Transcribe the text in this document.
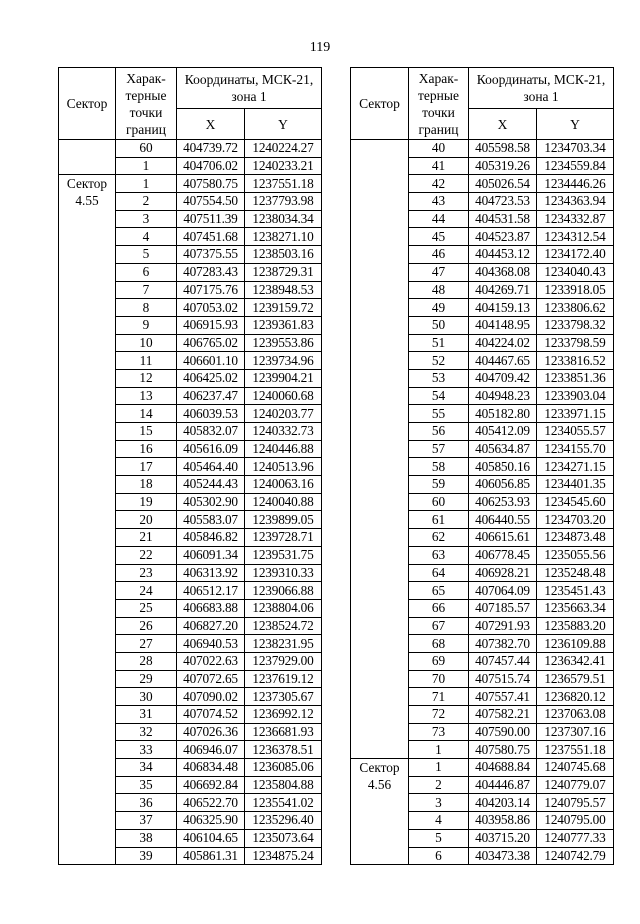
119
Сектор	Харак-терные точки границ	Координаты, МСК-21, зона 1	
		X	Y
	60	404739.72	1240224.27
	1	404706.02	1240233.21
Сектор 4.55	1	407580.75	1237551.18
	2	407554.50	1237793.98
	3	407511.39	1238034.34
	4	407451.68	1238271.10
	5	407375.55	1238503.16
	6	407283.43	1238729.31
	7	407175.76	1238948.53
	8	407053.02	1239159.72
	9	406915.93	1239361.83
	10	406765.02	1239553.86
	11	406601.10	1239734.96
	12	406425.02	1239904.21
	13	406237.47	1240060.68
	14	406039.53	1240203.77
	15	405832.07	1240332.73
	16	405616.09	1240446.88
	17	405464.40	1240513.96
	18	405244.43	1240063.16
	19	405302.90	1240040.88
	20	405583.07	1239899.05
	21	405846.82	1239728.71
	22	406091.34	1239531.75
	23	406313.92	1239310.33
	24	406512.17	1239066.88
	25	406683.88	1238804.06
	26	406827.20	1238524.72
	27	406940.53	1238231.95
	28	407022.63	1237929.00
	29	407072.65	1237619.12
	30	407090.02	1237305.67
	31	407074.52	1236992.12
	32	407026.36	1236681.93
	33	406946.07	1236378.51
	34	406834.48	1236085.06
	35	406692.84	1235804.88
	36	406522.70	1235541.02
	37	406325.90	1235296.40
	38	406104.65	1235073.64
	39	405861.31	1234875.24
Сектор	Харак-терные точки границ	Координаты, МСК-21, зона 1	
		X	Y
	40	405598.58	1234703.34
	41	405319.26	1234559.84
	42	405026.54	1234446.26
	43	404723.53	1234363.94
	44	404531.58	1234332.87
	45	404523.87	1234312.54
	46	404453.12	1234172.40
	47	404368.08	1234040.43
	48	404269.71	1233918.05
	49	404159.13	1233806.62
	50	404148.95	1233798.32
	51	404224.02	1233798.59
	52	404467.65	1233816.52
	53	404709.42	1233851.36
	54	404948.23	1233903.04
	55	405182.80	1233971.15
	56	405412.09	1234055.57
	57	405634.87	1234155.70
	58	405850.16	1234271.15
	59	406056.85	1234401.35
	60	406253.93	1234545.60
	61	406440.55	1234703.20
	62	406615.61	1234873.48
	63	406778.45	1235055.56
	64	406928.21	1235248.48
	65	407064.09	1235451.43
	66	407185.57	1235663.34
	67	407291.93	1235883.20
	68	407382.70	1236109.88
	69	407457.44	1236342.41
	70	407515.74	1236579.51
	71	407557.41	1236820.12
	72	407582.21	1237063.08
	73	407590.00	1237307.16
	1	407580.75	1237551.18
Сектор 4.56	1	404688.84	1240745.68
	2	404446.87	1240779.07
	3	404203.14	1240795.57
	4	403958.86	1240795.00
	5	403715.20	1240777.33
	6	403473.38	1240742.79
